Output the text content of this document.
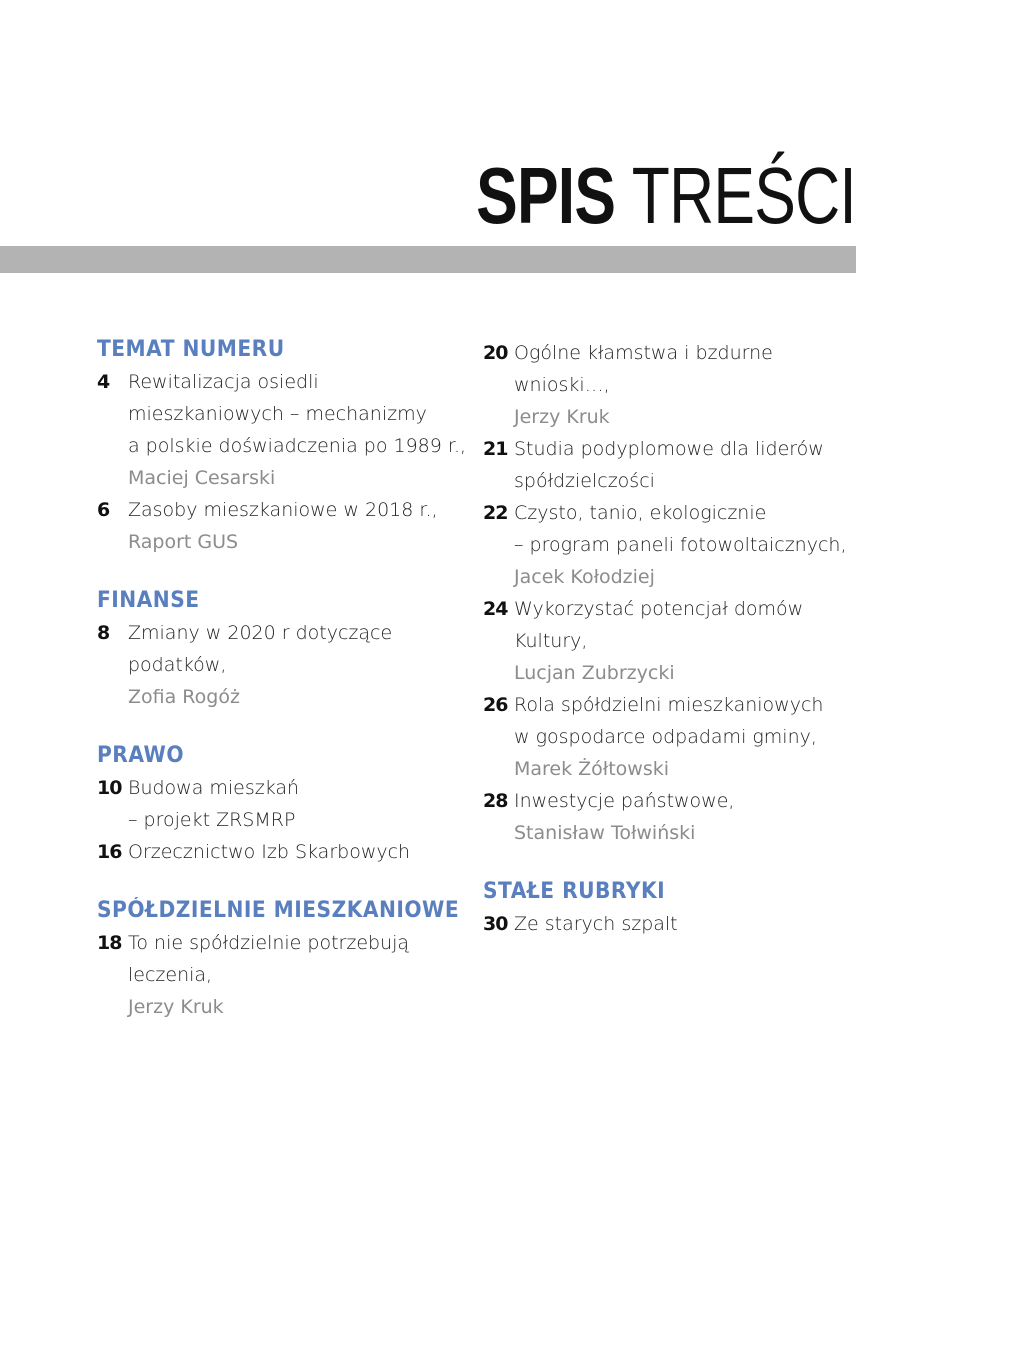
SPIS TREŚCI
TEMAT NUMERU
4 Rewitalizacja osiedli
mieszkaniowych – mechanizmy
a polskie doświadczenia po 1989 r.,
Maciej Cesarski
6 Zasoby mieszkaniowe w 2018 r.,
Raport GUS
FINANSE
8 Zmiany w 2020 r dotyczące
podatków,
Zofia Rogóż
PRAWO
10 Budowa mieszkań
– projekt ZRSMRP
16 Orzecznictwo Izb Skarbowych
SPÓŁDZIELNIE MIESZKANIOWE
18 To nie spółdzielnie potrzebują
leczenia,
Jerzy Kruk
20 Ogólne kłamstwa i bzdurne
wnioski…,
Jerzy Kruk
21 Studia podyplomowe dla liderów
spółdzielczości
22 Czysto, tanio, ekologicznie
– program paneli fotowoltaicznych,
Jacek Kołodziej
24 Wykorzystać potencjał domów
Kultury,
Lucjan Zubrzycki
26 Rola spółdzielni mieszkaniowych
w gospodarce odpadami gminy,
Marek Żółtowski
28 Inwestycje państwowe,
Stanisław Tołwiński
STAŁE RUBRYKI
30 Ze starych szpalt
